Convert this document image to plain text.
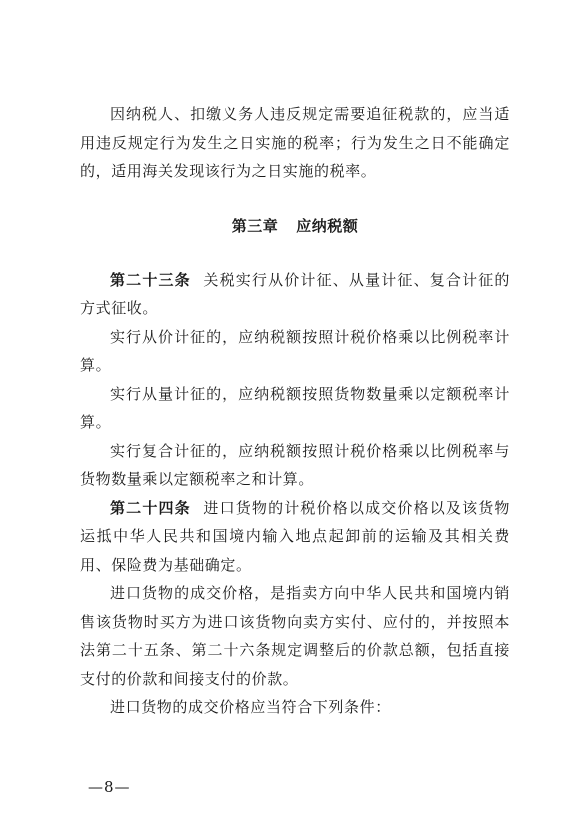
因纳税人、扣缴义务人违反规定需要追征税款的，应当适用违反规定行为发生之日实施的税率；行为发生之日不能确定的，适用海关发现该行为之日实施的税率。

第三章 应纳税额

第二十三条 关税实行从价计征、从量计征、复合计征的方式征收。

实行从价计征的，应纳税额按照计税价格乘以比例税率计算。

实行从量计征的，应纳税额按照货物数量乘以定额税率计算。

实行复合计征的，应纳税额按照计税价格乘以比例税率与货物数量乘以定额税率之和计算。

第二十四条 进口货物的计税价格以成交价格以及该货物运抵中华人民共和国境内输入地点起卸前的运输及其相关费用、保险费为基础确定。

进口货物的成交价格，是指卖方向中华人民共和国境内销售该货物时买方为进口该货物向卖方实付、应付的，并按照本法第二十五条、第二十六条规定调整后的价款总额，包括直接支付的价款和间接支付的价款。

进口货物的成交价格应当符合下列条件：

—8—
